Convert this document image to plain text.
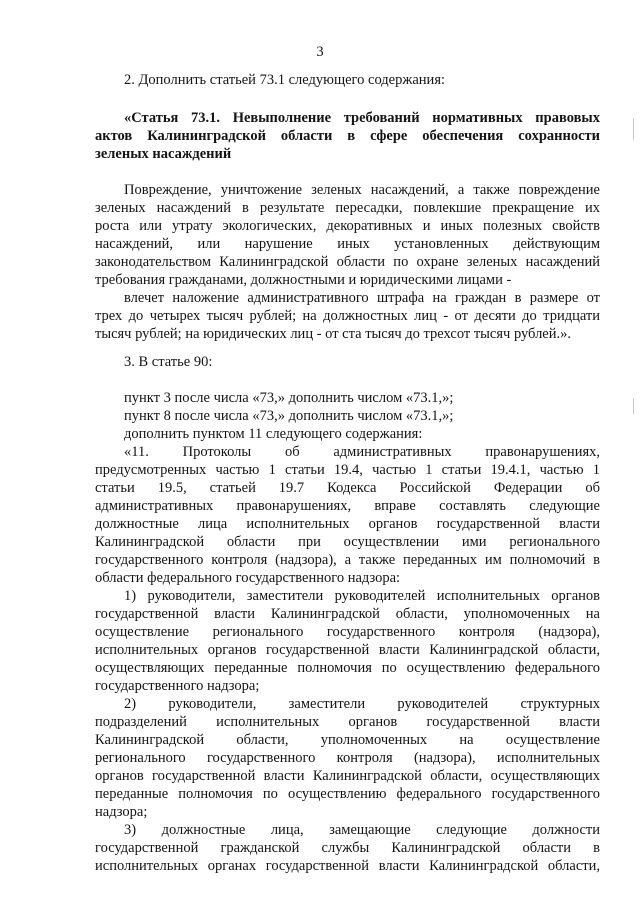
3
2. Дополнить статьей 73.1 следующего содержания:
«Статья 73.1. Невыполнение требований нормативных правовых
актов Калининградской области в сфере обеспечения сохранности
зеленых насаждений
Повреждение, уничтожение зеленых насаждений, а также повреждение
зеленых насаждений в результате пересадки, повлекшие прекращение их
роста или утрату экологических, декоративных и иных полезных свойств
насаждений, или нарушение иных установленных действующим
законодательством Калининградской области по охране зеленых насаждений
требования гражданами, должностными и юридическими лицами -
влечет наложение административного штрафа на граждан в размере от
трех до четырех тысяч рублей; на должностных лиц - от десяти до тридцати
тысяч рублей; на юридических лиц - от ста тысяч до трехсот тысяч рублей.».
3. В статье 90:
пункт 3 после числа «73,» дополнить числом «73.1,»;
пункт 8 после числа «73,» дополнить числом «73.1,»;
дополнить пунктом 11 следующего содержания:
«11. Протоколы об административных правонарушениях,
предусмотренных частью 1 статьи 19.4, частью 1 статьи 19.4.1, частью 1
статьи 19.5, статьей 19.7 Кодекса Российской Федерации об
административных правонарушениях, вправе составлять следующие
должностные лица исполнительных органов государственной власти
Калининградской области при осуществлении ими регионального
государственного контроля (надзора), а также переданных им полномочий в
области федерального государственного надзора:
1) руководители, заместители руководителей исполнительных органов
государственной власти Калининградской области, уполномоченных на
осуществление регионального государственного контроля (надзора),
исполнительных органов государственной власти Калининградской области,
осуществляющих переданные полномочия по осуществлению федерального
государственного надзора;
2) руководители, заместители руководителей структурных
подразделений исполнительных органов государственной власти
Калининградской области, уполномоченных на осуществление
регионального государственного контроля (надзора), исполнительных
органов государственной власти Калининградской области, осуществляющих
переданные полномочия по осуществлению федерального государственного
надзора;
3) должностные лица, замещающие следующие должности
государственной гражданской службы Калининградской области в
исполнительных органах государственной власти Калининградской области,
